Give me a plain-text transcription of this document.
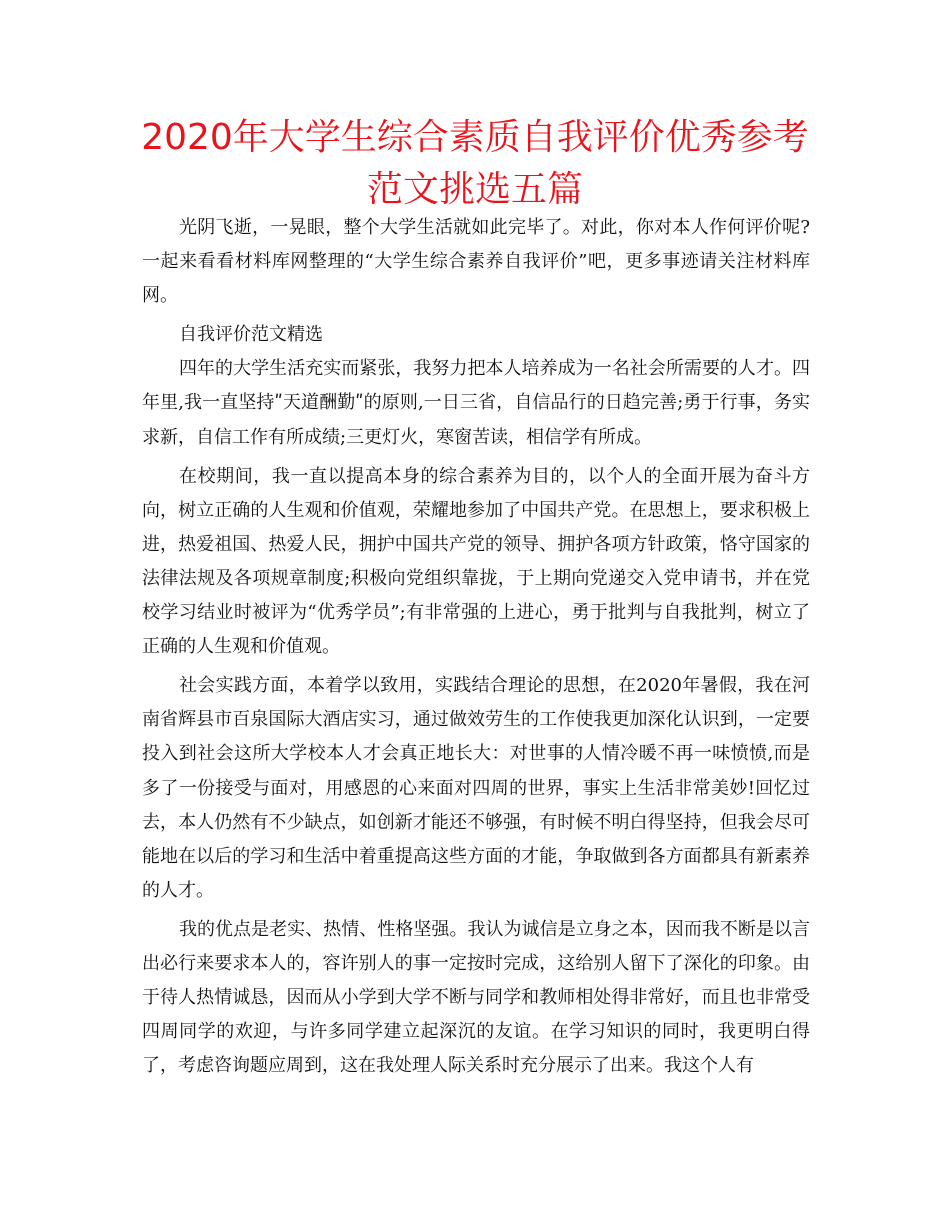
2020年大学生综合素质自我评价优秀参考
范文挑选五篇

光阴飞逝，一晃眼，整个大学生活就如此完毕了。对此，你对本人作何评价呢?一起来看看材料库网整理的“大学生综合素养自我评价”吧，更多事迹请关注材料库网。

自我评价范文精选

四年的大学生活充实而紧张，我努力把本人培养成为一名社会所需要的人才。四年里,我一直坚持ʺ天道酬勤ʺ的原则,一日三省，自信品行的日趋完善;勇于行事，务实求新，自信工作有所成绩;三更灯火，寒窗苦读，相信学有所成。

在校期间，我一直以提高本身的综合素养为目的，以个人的全面开展为奋斗方向，树立正确的人生观和价值观，荣耀地参加了中国共产党。在思想上，要求积极上进，热爱祖国、热爱人民，拥护中国共产党的领导、拥护各项方针政策，恪守国家的法律法规及各项规章制度;积极向党组织靠拢，于上期向党递交入党申请书，并在党校学习结业时被评为“优秀学员”;有非常强的上进心，勇于批判与自我批判，树立了正确的人生观和价值观。

社会实践方面，本着学以致用，实践结合理论的思想，在2020年暑假，我在河南省辉县市百泉国际大酒店实习，通过做效劳生的工作使我更加深化认识到，一定要投入到社会这所大学校本人才会真正地长大：对世事的人情冷暖不再一味愤愤,而是多了一份接受与面对，用感恩的心来面对四周的世界，事实上生活非常美妙!回忆过去，本人仍然有不少缺点，如创新才能还不够强，有时候不明白得坚持，但我会尽可能地在以后的学习和生活中着重提高这些方面的才能，争取做到各方面都具有新素养的人才。

我的优点是老实、热情、性格坚强。我认为诚信是立身之本，因而我不断是以言出必行来要求本人的，容许别人的事一定按时完成，这给别人留下了深化的印象。由于待人热情诚恳，因而从小学到大学不断与同学和教师相处得非常好，而且也非常受四周同学的欢迎，与许多同学建立起深沉的友谊。在学习知识的同时，我更明白得了，考虑咨询题应周到，这在我处理人际关系时充分展示了出来。我这个人有
